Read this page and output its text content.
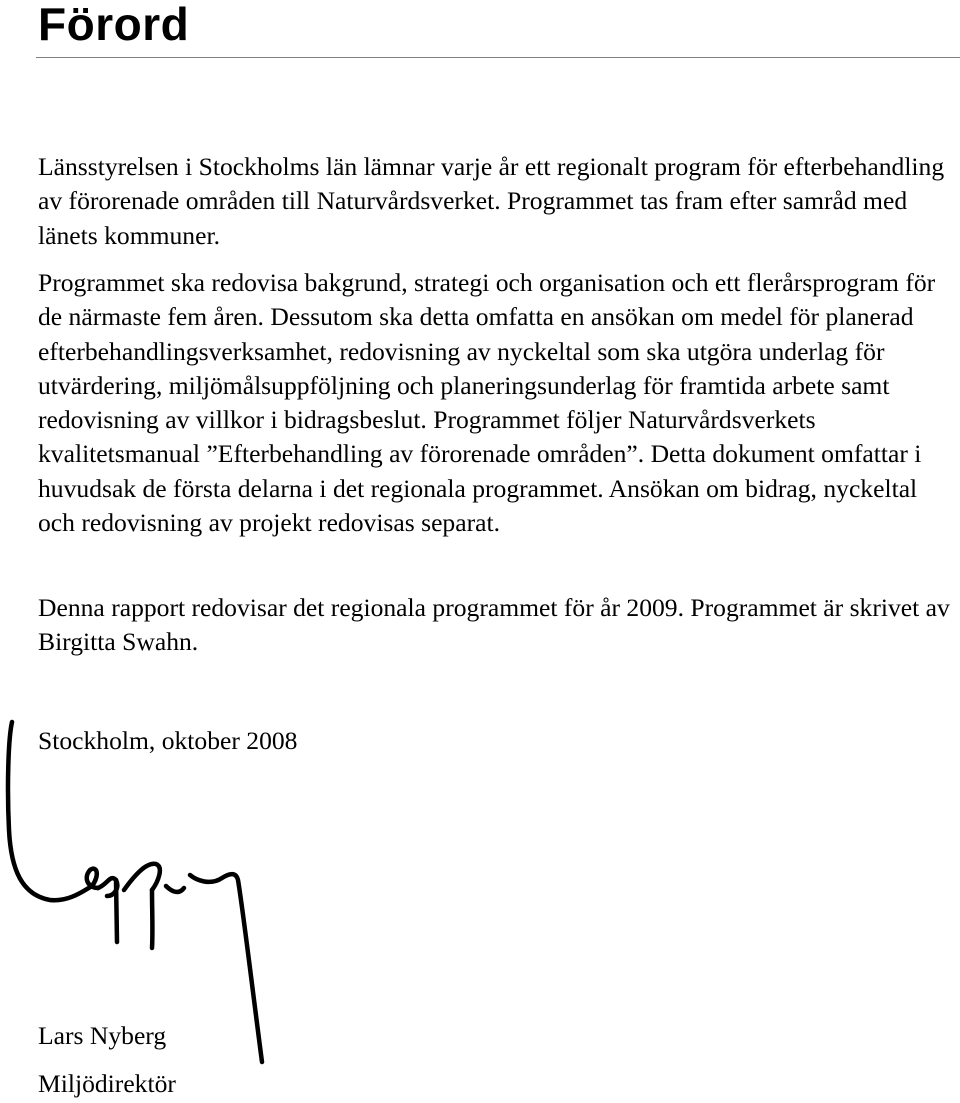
Förord

Länsstyrelsen i Stockholms län lämnar varje år ett regionalt program för efterbehandling av förorenade områden till Naturvårdsverket. Programmet tas fram efter samråd med länets kommuner.

Programmet ska redovisa bakgrund, strategi och organisation och ett flerårsprogram för de närmaste fem åren. Dessutom ska detta omfatta en ansökan om medel för planerad efterbehandlingsverksamhet, redovisning av nyckeltal som ska utgöra underlag för utvärdering, miljömålsuppföljning och planeringsunderlag för framtida arbete samt redovisning av villkor i bidragsbeslut. Programmet följer Naturvårdsverkets kvalitetsmanual ”Efterbehandling av förorenade områden”. Detta dokument omfattar i huvudsak de första delarna i det regionala programmet. Ansökan om bidrag, nyckeltal och redovisning av projekt redovisas separat.

Denna rapport redovisar det regionala programmet för år 2009. Programmet är skrivet av Birgitta Swahn.

Stockholm, oktober 2008

Lars Nyberg

Miljödirektör
